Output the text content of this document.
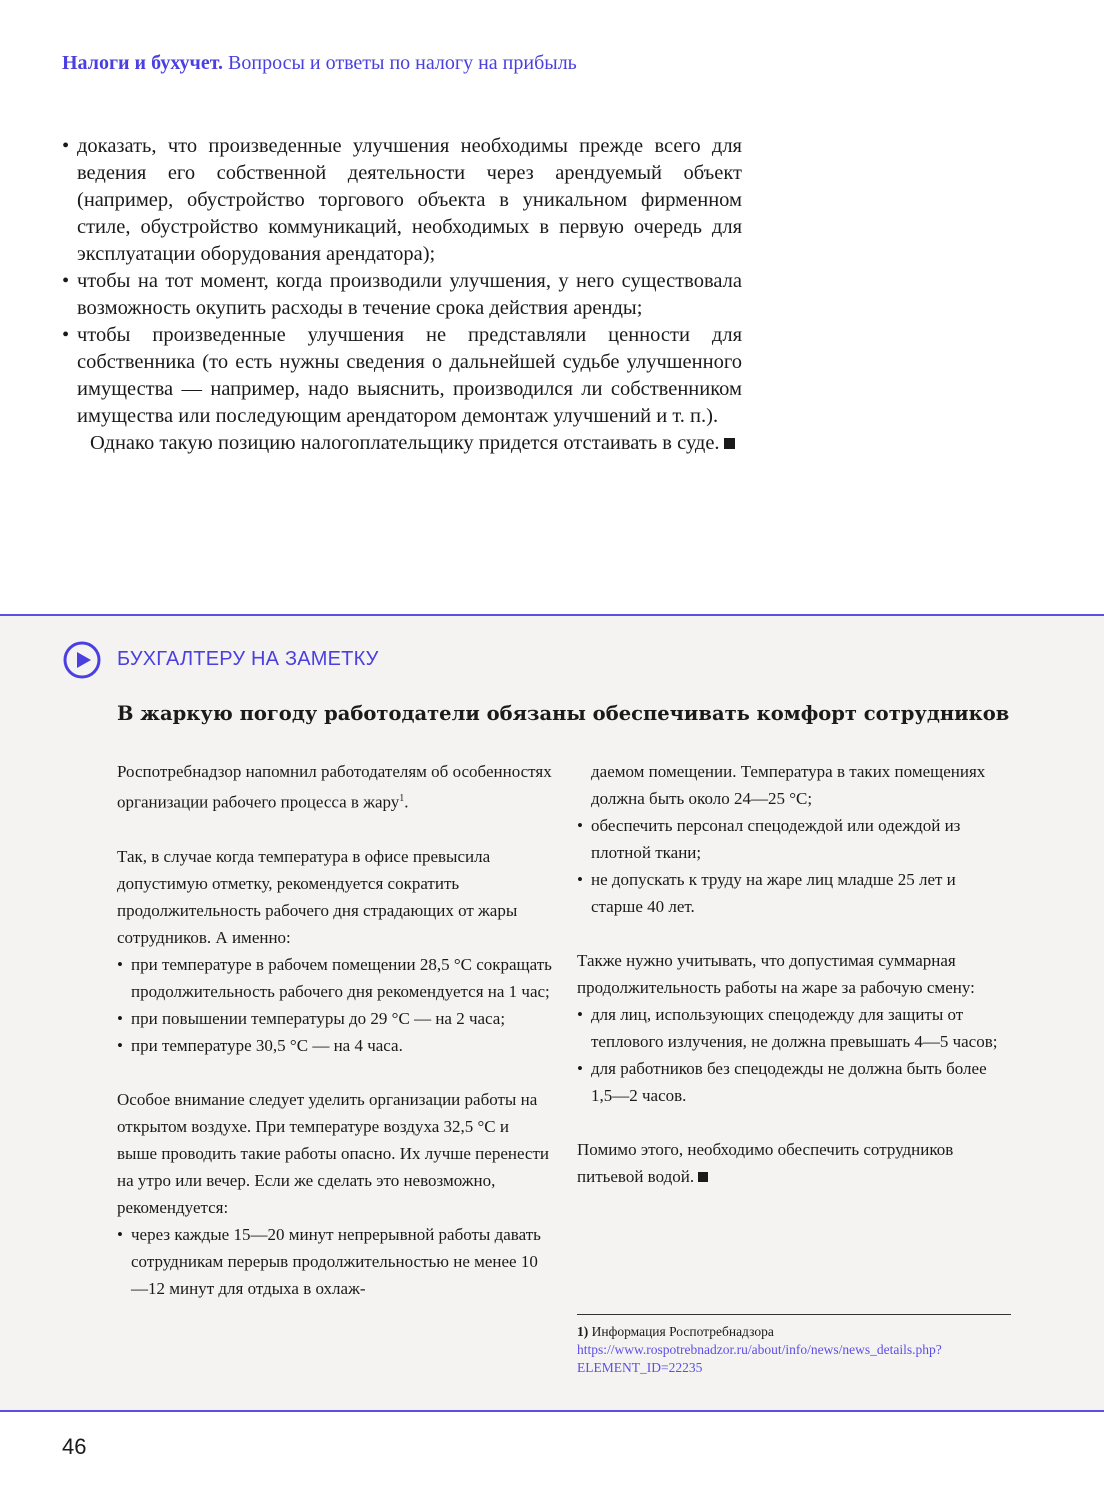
Налоги и бухучет. Вопросы и ответы по налогу на прибыль
• доказать, что произведенные улучшения необходимы прежде всего для ведения его собственной деятельности через арендуемый объект (например, обустройство торгового объекта в уникальном фирменном стиле, обустройство коммуникаций, необходимых в первую очередь для эксплуатации оборудования арендатора);
• чтобы на тот момент, когда производили улучшения, у него существовала возможность окупить расходы в течение срока действия аренды;
• чтобы произведенные улучшения не представляли ценности для собственника (то есть нужны сведения о дальнейшей судьбе улучшенного имущества — например, надо выяснить, производился ли собственником имущества или последующим арендатором демонтаж улучшений и т. п.).

Однако такую позицию налогоплательщику придется отстаивать в суде.

БУХГАЛТЕРУ НА ЗАМЕТКУ
В жаркую погоду работодатели обязаны обеспечивать комфорт сотрудников

Роспотребнадзор напомнил работодателям об особенностях организации рабочего процесса в жару$^1$.

Так, в случае когда температура в офисе превысила допустимую отметку, рекомендуется сократить продолжительность рабочего дня страдающих от жары сотрудников. А именно:

• при температуре в рабочем помещении 28,5 °C сокращать продолжительность рабочего дня рекомендуется на 1 час;
• при повышении температуры до 29 °C — на 2 часа;
• при температуре 30,5 °C — на 4 часа.

Особое внимание следует уделить организации работы на открытом воздухе. При температуре воздуха 32,5 °C и выше проводить такие работы опасно. Их лучше перенести на утро или вечер. Если же сделать это невозможно, рекомендуется:

• через каждые 15—20 минут непрерывной работы давать сотрудникам перерыв продолжительностью не менее 10—12 минут для отдыха в охлаж-

даемом помещении. Температура в таких помещениях должна быть около 24—25 °C;

• обеспечить персонал спецодеждой или одеждой из плотной ткани;
• не допускать к труду на жаре лиц младше 25 лет и старше 40 лет.

Также нужно учитывать, что допустимая суммарная продолжительность работы на жаре за рабочую смену:

• для лиц, использующих спецодежду для защиты от теплового излучения, не должна превышать 4—5 часов;
• для работников без спецодежды не должна быть более 1,5—2 часов.

Помимо этого, необходимо обеспечить сотрудников питьевой водой.

1) Информация Роспотребнадзора
https://www.rospotrebnadzor.ru/about/info/news/news_details.php?ELEMENT_ID=22235
46
